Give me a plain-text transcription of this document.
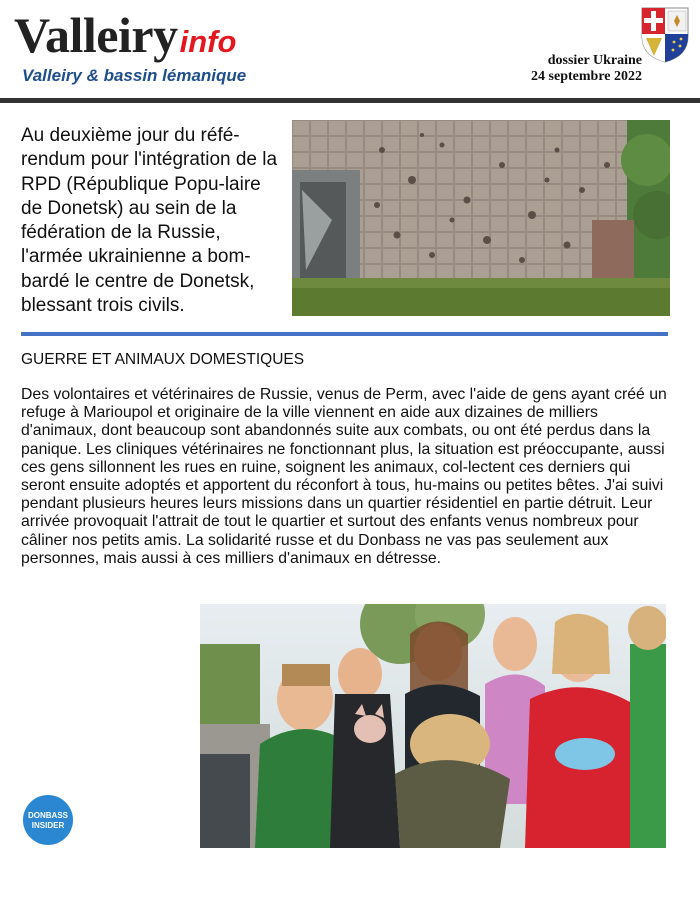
Valleiryinfo
Valleiry & bassin lémanique
dossier Ukraine
24 septembre 2022
Au deuxième jour du réfé-rendum pour l'intégration de la RPD (République Popu-laire de Donetsk) au sein de la fédération de la Russie, l'armée ukrainienne a bom-bardé le centre de Donetsk, blessant trois civils.
GUERRE ET ANIMAUX DOMESTIQUES
Des volontaires et vétérinaires de Russie, venus de Perm, avec l'aide de gens ayant créé un refuge à Marioupol et originaire de la ville viennent en aide aux dizaines de milliers d'animaux, dont beaucoup sont abandonnés suite aux combats, ou ont été perdus dans la panique. Les cliniques vétérinaires ne fonctionnant plus, la situation est préoccupante, aussi ces gens sillonnent les rues en ruine, soignent les animaux, col-lectent ces derniers qui seront ensuite adoptés et apportent du réconfort à tous, hu-mains ou petites bêtes. J'ai suivi pendant plusieurs heures leurs missions dans un quartier résidentiel en partie détruit. Leur arrivée provoquait l'attrait de tout le quartier et surtout des enfants venus nombreux pour câliner nos petits amis. La solidarité russe et du Donbass ne vas pas seulement aux personnes, mais aussi à ces milliers d'animaux en détresse.
DONBASS
INSIDER
